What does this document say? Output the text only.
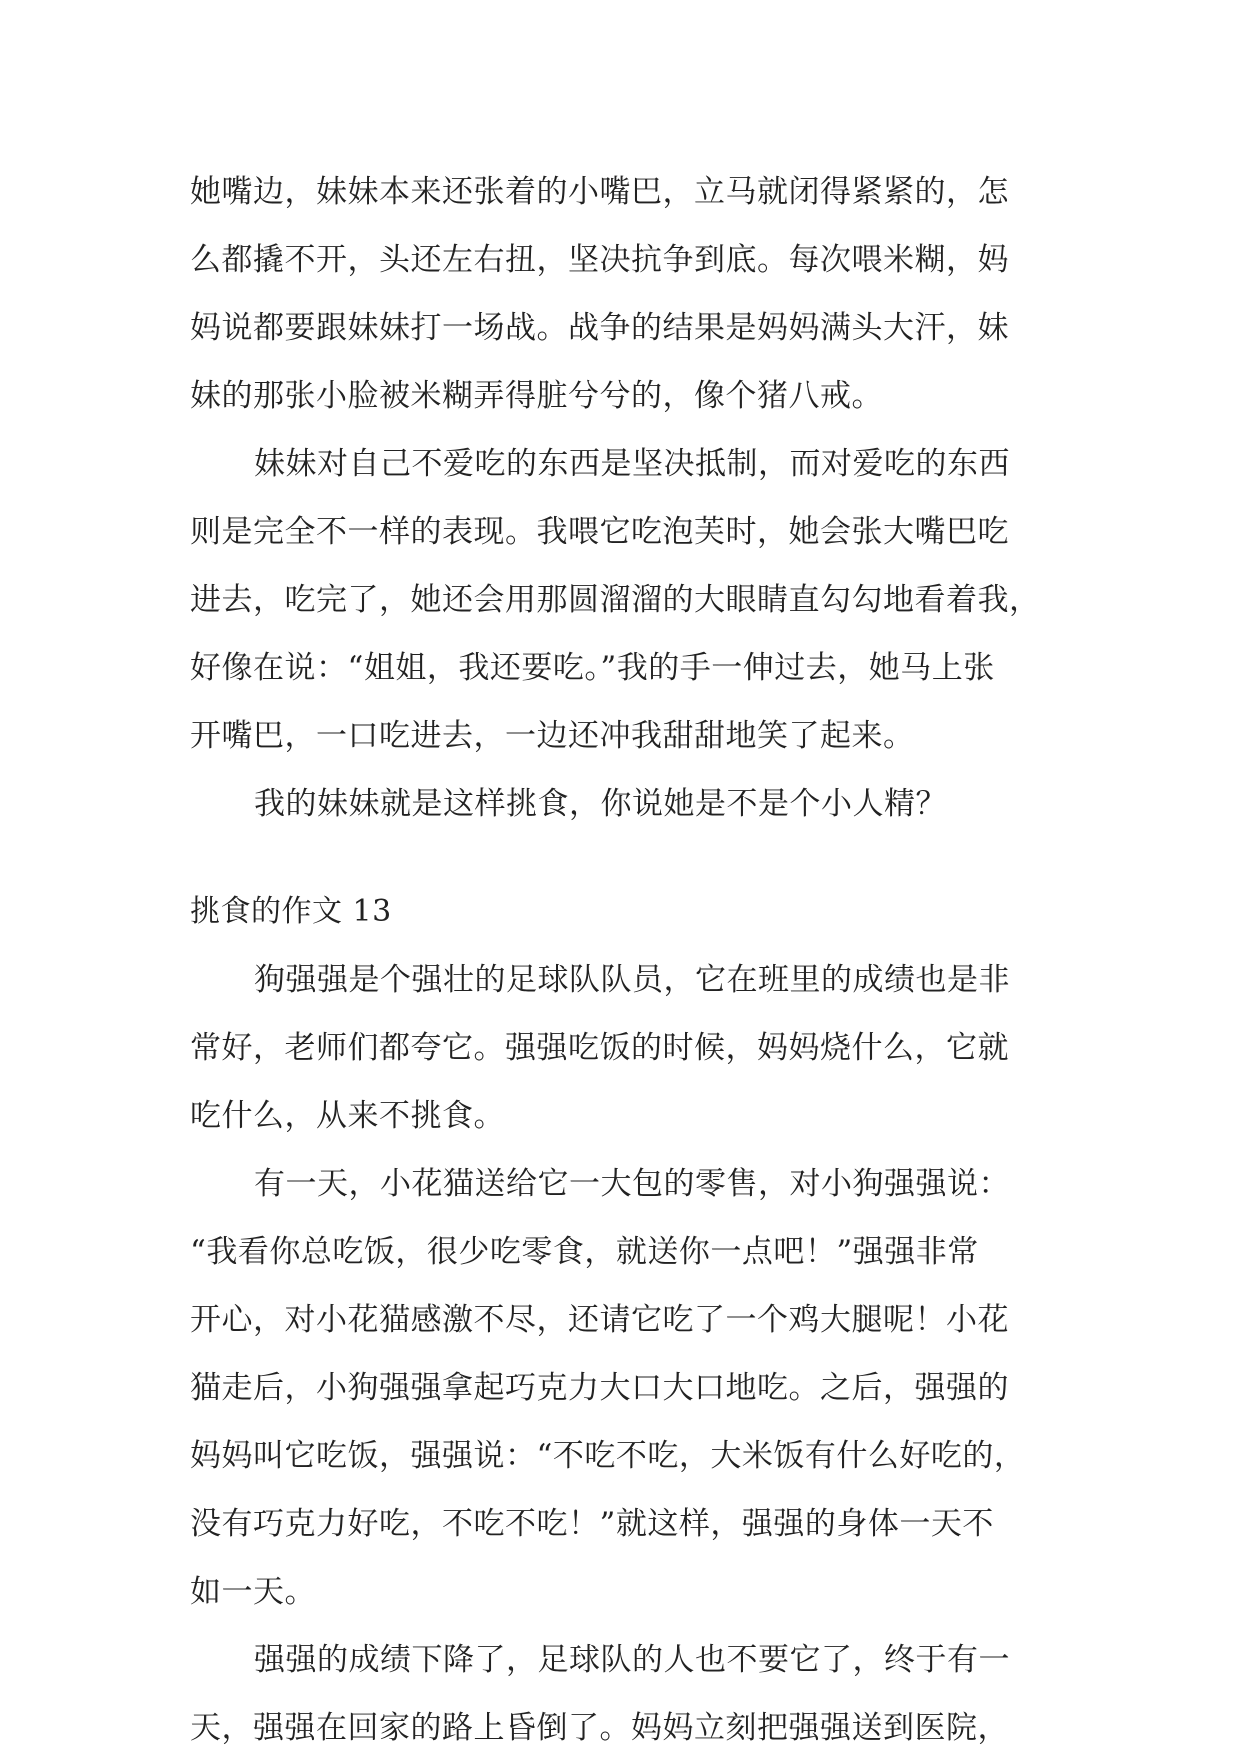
她嘴边，妹妹本来还张着的小嘴巴，立马就闭得紧紧的，怎
么都撬不开，头还左右扭，坚决抗争到底。每次喂米糊，妈
妈说都要跟妹妹打一场战。战争的结果是妈妈满头大汗，妹
妹的那张小脸被米糊弄得脏兮兮的，像个猪八戒。
妹妹对自己不爱吃的东西是坚决抵制，而对爱吃的东西
则是完全不一样的表现。我喂它吃泡芙时，她会张大嘴巴吃
进去，吃完了，她还会用那圆溜溜的大眼睛直勾勾地看着我，
好像在说：“姐姐，我还要吃。”我的手一伸过去，她马上张
开嘴巴，一口吃进去，一边还冲我甜甜地笑了起来。
我的妹妹就是这样挑食，你说她是不是个小人精？
挑食的作文 13
狗强强是个强壮的足球队队员，它在班里的成绩也是非
常好，老师们都夸它。强强吃饭的时候，妈妈烧什么，它就
吃什么，从来不挑食。
有一天，小花猫送给它一大包的零售，对小狗强强说：
“我看你总吃饭，很少吃零食，就送你一点吧！”强强非常
开心，对小花猫感激不尽，还请它吃了一个鸡大腿呢！小花
猫走后，小狗强强拿起巧克力大口大口地吃。之后，强强的
妈妈叫它吃饭，强强说：“不吃不吃，大米饭有什么好吃的，
没有巧克力好吃，不吃不吃！”就这样，强强的身体一天不
如一天。
强强的成绩下降了，足球队的人也不要它了，终于有一
天，强强在回家的路上昏倒了。妈妈立刻把强强送到医院，
